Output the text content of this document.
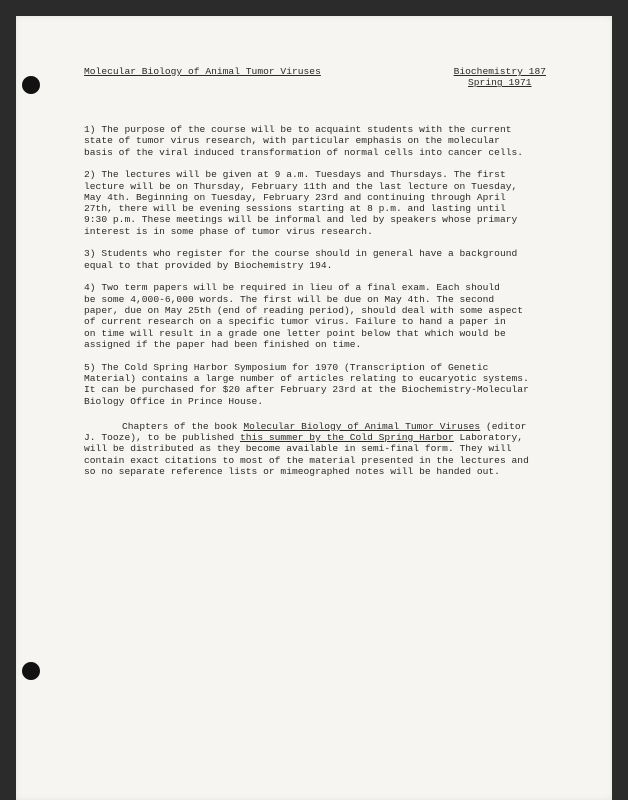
Molecular Biology of Animal Tumor Viruses	Biochemistry 187
Spring 1971
1) The purpose of the course will be to acquaint students with the current
state of tumor virus research, with particular emphasis on the molecular
basis of the viral induced transformation of normal cells into cancer cells.
2) The lectures will be given at 9 a.m. Tuesdays and Thursdays. The first
lecture will be on Thursday, February 11th and the last lecture on Tuesday,
May 4th. Beginning on Tuesday, February 23rd and continuing through April
27th, there will be evening sessions starting at 8 p.m. and lasting until
9:30 p.m. These meetings will be informal and led by speakers whose primary
interest is in some phase of tumor virus research.
3) Students who register for the course should in general have a background
equal to that provided by Biochemistry 194.
4) Two term papers will be required in lieu of a final exam. Each should
be some 4,000-6,000 words. The first will be due on May 4th. The second
paper, due on May 25th (end of reading period), should deal with some aspect
of current research on a specific tumor virus. Failure to hand a paper in
on time will result in a grade one letter point below that which would be
assigned if the paper had been finished on time.
5) The Cold Spring Harbor Symposium for 1970 (Transcription of Genetic
Material) contains a large number of articles relating to eucaryotic systems.
It can be purchased for $20 after February 23rd at the Biochemistry-Molecular
Biology Office in Prince House.
Chapters of the book Molecular Biology of Animal Tumor Viruses (editor
J. Tooze), to be published this summer by the Cold Spring Harbor Laboratory,
will be distributed as they become available in semi-final form. They will
contain exact citations to most of the material presented in the lectures and
so no separate reference lists or mimeographed notes will be handed out.
